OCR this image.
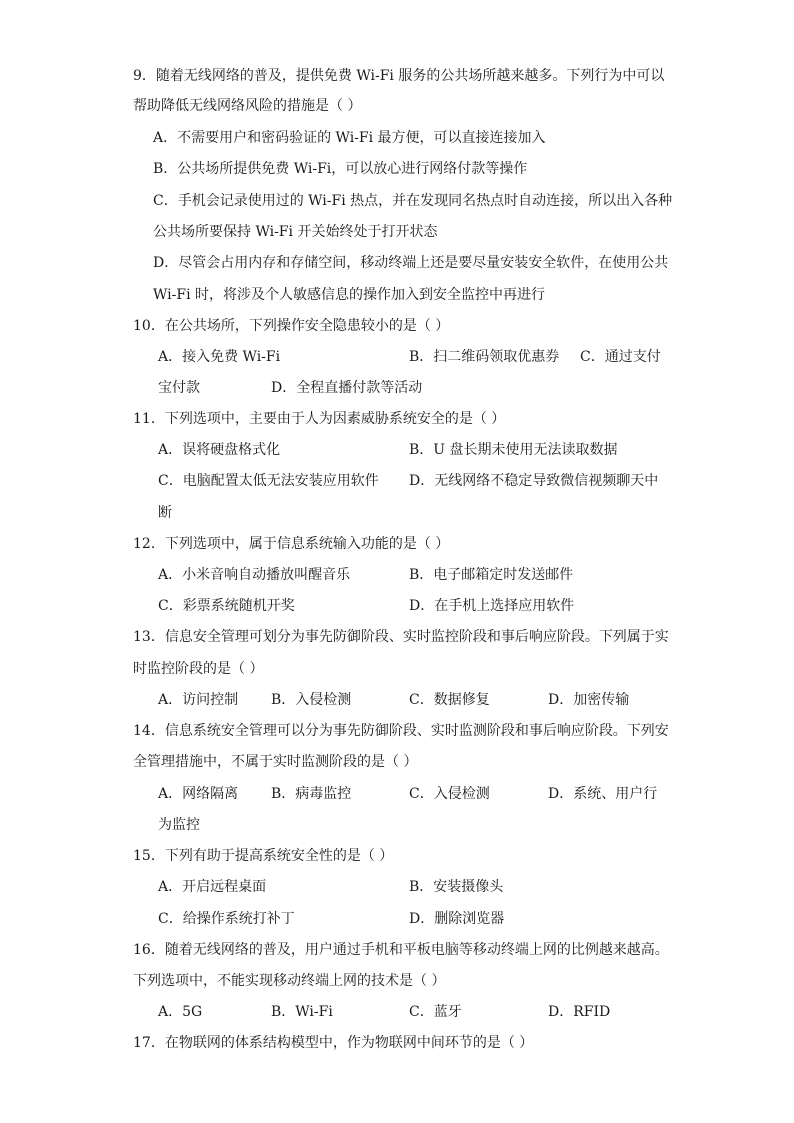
9．随着无线网络的普及，提供免费 Wi-Fi 服务的公共场所越来越多。下列行为中可以
帮助降低无线网络风险的措施是（ ）
A．不需要用户和密码验证的 Wi-Fi 最方便，可以直接连接加入
B．公共场所提供免费 Wi-Fi，可以放心进行网络付款等操作
C．手机会记录使用过的 Wi-Fi 热点，并在发现同名热点时自动连接，所以出入各种
公共场所要保持 Wi-Fi 开关始终处于打开状态
D．尽管会占用内存和存储空间，移动终端上还是要尽量安装安全软件，在使用公共
Wi-Fi 时，将涉及个人敏感信息的操作加入到安全监控中再进行
10．在公共场所，下列操作安全隐患较小的是（ ）
A．接入免费 Wi-Fi	B．扫二维码领取优惠券 C．通过支付
宝付款	D．全程直播付款等活动
11．下列选项中，主要由于人为因素威胁系统安全的是（ ）
A．误将硬盘格式化	B．U 盘长期未使用无法读取数据
C．电脑配置太低无法安装应用软件 D．无线网络不稳定导致微信视频聊天中
断
12．下列选项中，属于信息系统输入功能的是（ ）
A．小米音响自动播放叫醒音乐	B．电子邮箱定时发送邮件
C．彩票系统随机开奖	D．在手机上选择应用软件
13．信息安全管理可划分为事先防御阶段、实时监控阶段和事后响应阶段。下列属于实
时监控阶段的是（ ）
A．访问控制 B．入侵检测	C．数据修复	D．加密传输
14．信息系统安全管理可以分为事先防御阶段、实时监测阶段和事后响应阶段。下列安
全管理措施中，不属于实时监测阶段的是（ ）
A．网络隔离 B．病毒监控	C．入侵检测	D．系统、用户行
为监控
15．下列有助于提高系统安全性的是（ ）
A．开启远程桌面	B．安装摄像头
C．给操作系统打补丁	D．删除浏览器
16．随着无线网络的普及，用户通过手机和平板电脑等移动终端上网的比例越来越高。
下列选项中，不能实现移动终端上网的技术是（ ）
A．5G	B．Wi-Fi	C．蓝牙	D．RFID
17．在物联网的体系结构模型中，作为物联网中间环节的是（ ）
